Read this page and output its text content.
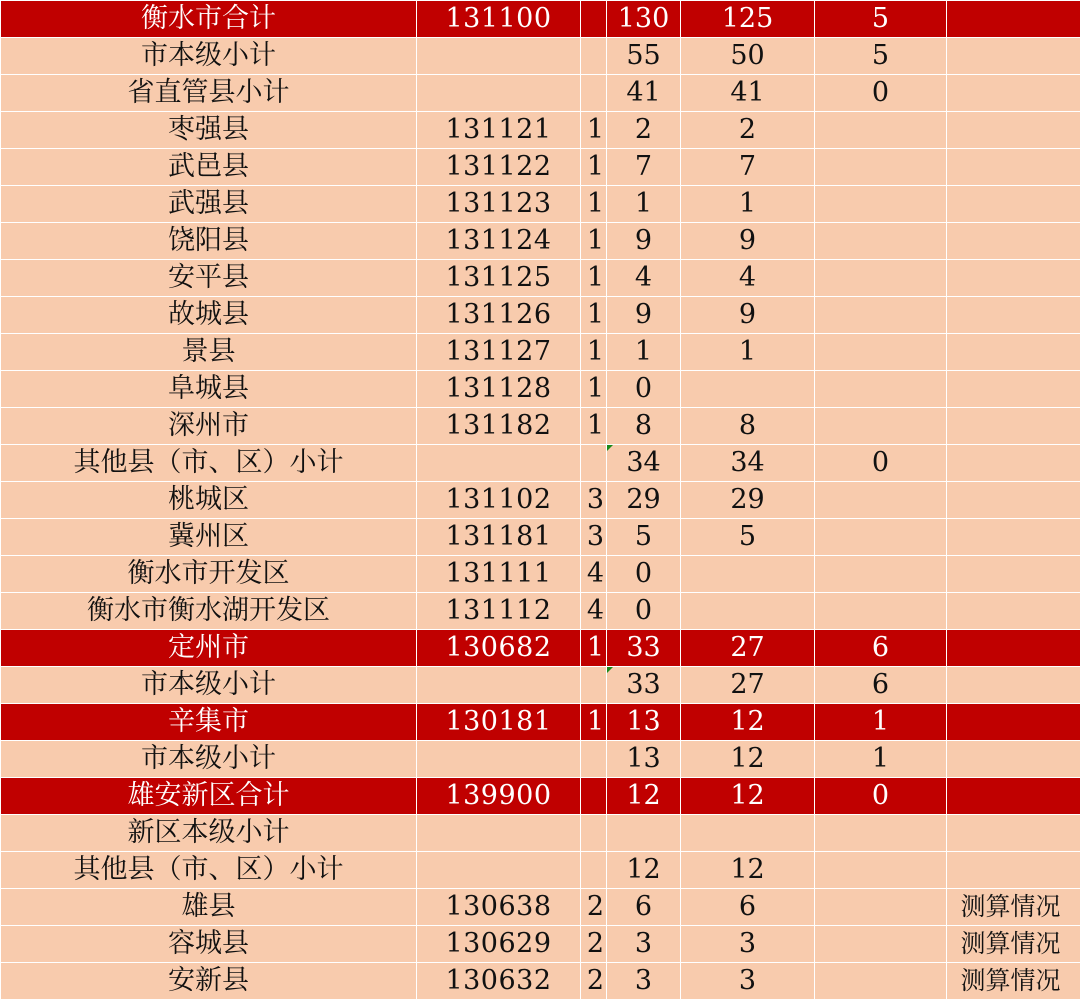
衡水市合计	131100		130	125	5	
市本级小计			55	50	5	
省直管县小计			41	41	0	
枣强县	131121	1	2	2		
武邑县	131122	1	7	7		
武强县	131123	1	1	1		
饶阳县	131124	1	9	9		
安平县	131125	1	4	4		
故城县	131126	1	9	9		
景县	131127	1	1	1		
阜城县	131128	1	0			
深州市	131182	1	8	8		
其他县（市、区）小计			34	34	0	
桃城区	131102	3	29	29		
冀州区	131181	3	5	5		
衡水市开发区	131111	4	0			
衡水市衡水湖开发区	131112	4	0			
定州市	130682	1	33	27	6	
市本级小计			33	27	6	
辛集市	130181	1	13	12	1	
市本级小计			13	12	1	
雄安新区合计	139900		12	12	0	
新区本级小计						
其他县（市、区）小计			12	12		
雄县	130638	2	6	6		测算情况
容城县	130629	2	3	3		测算情况
安新县	130632	2	3	3		测算情况
